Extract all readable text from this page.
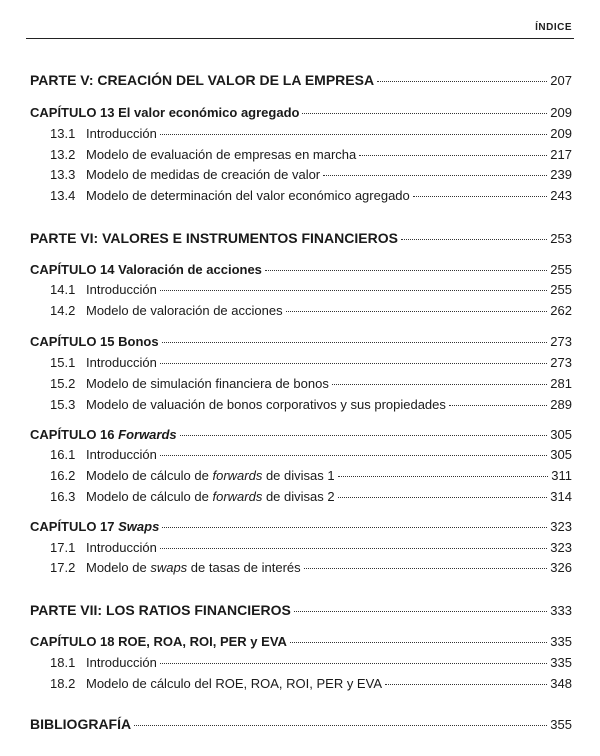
ÍNDICE
PARTE V: CREACIÓN DEL VALOR DE LA EMPRESA	207
CAPÍTULO 13 El valor económico agregado	209
13.1 Introducción	209
13.2 Modelo de evaluación de empresas en marcha	217
13.3 Modelo de medidas de creación de valor	239
13.4 Modelo de determinación del valor económico agregado	243
PARTE VI: VALORES E INSTRUMENTOS FINANCIEROS	253
CAPÍTULO 14 Valoración de acciones	255
14.1 Introducción	255
14.2 Modelo de valoración de acciones	262
CAPÍTULO 15 Bonos	273
15.1 Introducción	273
15.2 Modelo de simulación financiera de bonos	281
15.3 Modelo de valuación de bonos corporativos y sus propiedades	289
CAPÍTULO 16 Forwards	305
16.1 Introducción	305
16.2 Modelo de cálculo de forwards de divisas 1	311
16.3 Modelo de cálculo de forwards de divisas 2	314
CAPÍTULO 17 Swaps	323
17.1 Introducción	323
17.2 Modelo de swaps de tasas de interés	326
PARTE VII: LOS RATIOS FINANCIEROS	333
CAPÍTULO 18 ROE, ROA, ROI, PER y EVA	335
18.1 Introducción	335
18.2 Modelo de cálculo del ROE, ROA, ROI, PER y EVA	348
BIBLIOGRAFÍA	355
